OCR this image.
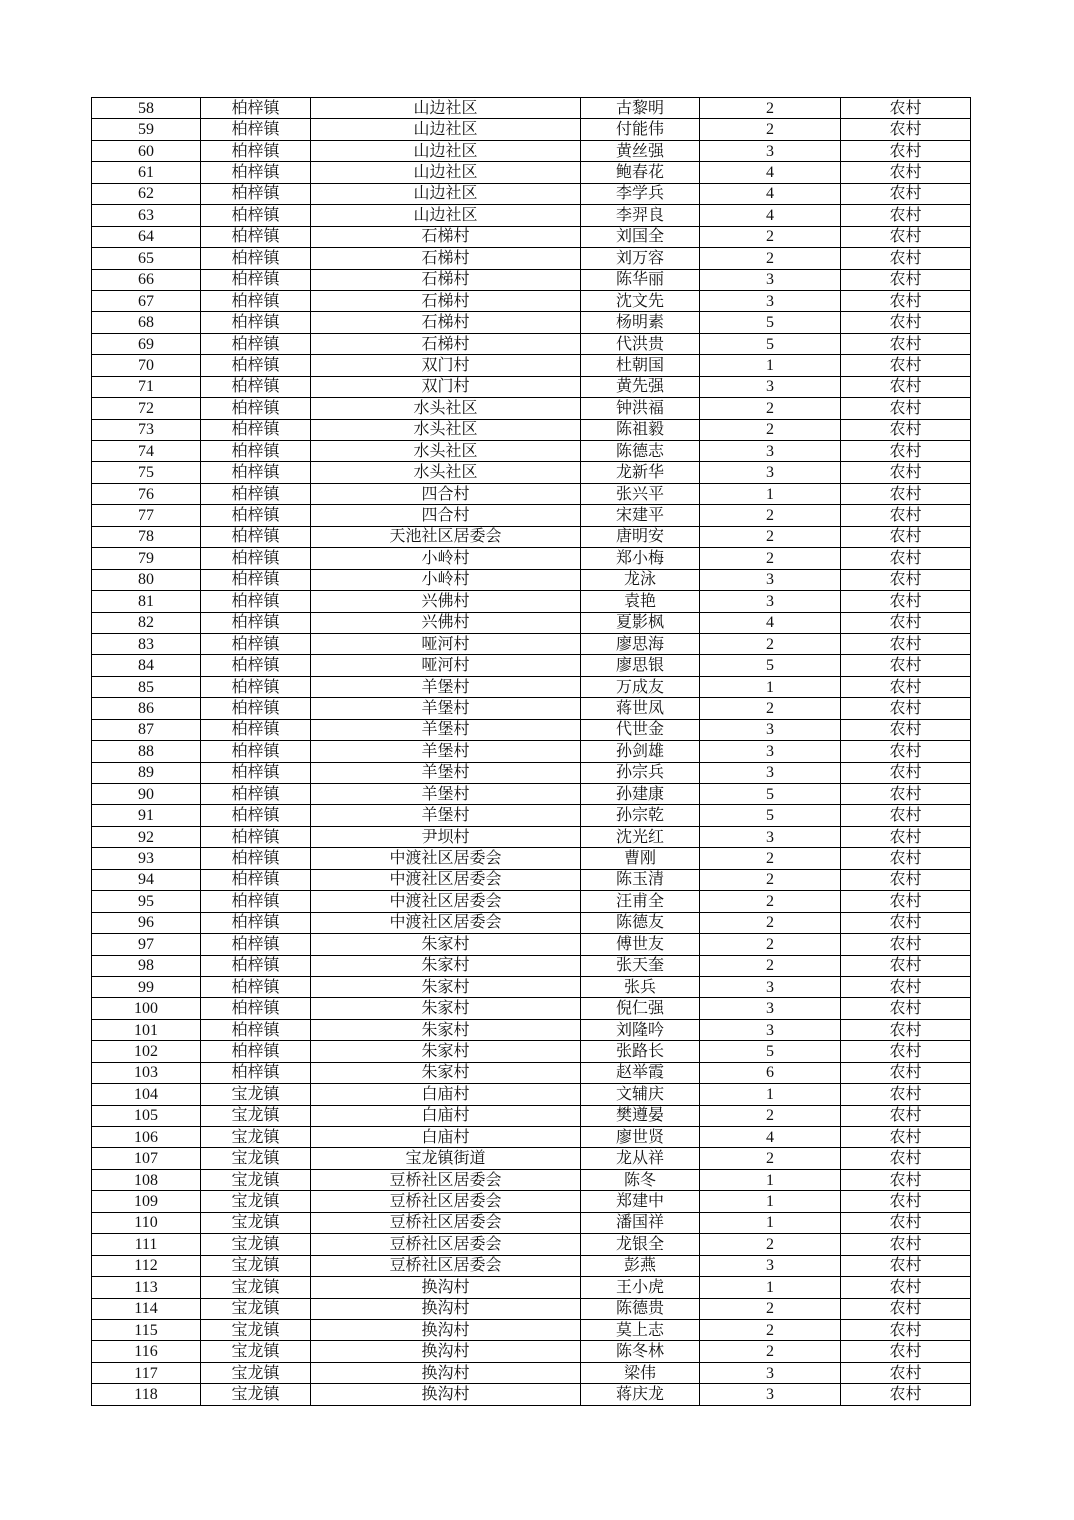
58	柏梓镇	山边社区	古黎明	2	农村
59	柏梓镇	山边社区	付能伟	2	农村
60	柏梓镇	山边社区	黄丝强	3	农村
61	柏梓镇	山边社区	鲍春花	4	农村
62	柏梓镇	山边社区	李学兵	4	农村
63	柏梓镇	山边社区	李羿良	4	农村
64	柏梓镇	石梯村	刘国全	2	农村
65	柏梓镇	石梯村	刘万容	2	农村
66	柏梓镇	石梯村	陈华丽	3	农村
67	柏梓镇	石梯村	沈文先	3	农村
68	柏梓镇	石梯村	杨明素	5	农村
69	柏梓镇	石梯村	代洪贵	5	农村
70	柏梓镇	双门村	杜朝国	1	农村
71	柏梓镇	双门村	黄先强	3	农村
72	柏梓镇	水头社区	钟洪福	2	农村
73	柏梓镇	水头社区	陈祖毅	2	农村
74	柏梓镇	水头社区	陈德志	3	农村
75	柏梓镇	水头社区	龙新华	3	农村
76	柏梓镇	四合村	张兴平	1	农村
77	柏梓镇	四合村	宋建平	2	农村
78	柏梓镇	天池社区居委会	唐明安	2	农村
79	柏梓镇	小岭村	郑小梅	2	农村
80	柏梓镇	小岭村	龙泳	3	农村
81	柏梓镇	兴佛村	袁艳	3	农村
82	柏梓镇	兴佛村	夏影枫	4	农村
83	柏梓镇	哑河村	廖思海	2	农村
84	柏梓镇	哑河村	廖思银	5	农村
85	柏梓镇	羊堡村	万成友	1	农村
86	柏梓镇	羊堡村	蒋世凤	2	农村
87	柏梓镇	羊堡村	代世金	3	农村
88	柏梓镇	羊堡村	孙剑雄	3	农村
89	柏梓镇	羊堡村	孙宗兵	3	农村
90	柏梓镇	羊堡村	孙建康	5	农村
91	柏梓镇	羊堡村	孙宗乾	5	农村
92	柏梓镇	尹坝村	沈光红	3	农村
93	柏梓镇	中渡社区居委会	曹刚	2	农村
94	柏梓镇	中渡社区居委会	陈玉清	2	农村
95	柏梓镇	中渡社区居委会	汪甫全	2	农村
96	柏梓镇	中渡社区居委会	陈德友	2	农村
97	柏梓镇	朱家村	傅世友	2	农村
98	柏梓镇	朱家村	张天奎	2	农村
99	柏梓镇	朱家村	张兵	3	农村
100	柏梓镇	朱家村	倪仁强	3	农村
101	柏梓镇	朱家村	刘隆吟	3	农村
102	柏梓镇	朱家村	张路长	5	农村
103	柏梓镇	朱家村	赵举霞	6	农村
104	宝龙镇	白庙村	文辅庆	1	农村
105	宝龙镇	白庙村	樊遵晏	2	农村
106	宝龙镇	白庙村	廖世贤	4	农村
107	宝龙镇	宝龙镇街道	龙从祥	2	农村
108	宝龙镇	豆桥社区居委会	陈冬	1	农村
109	宝龙镇	豆桥社区居委会	郑建中	1	农村
110	宝龙镇	豆桥社区居委会	潘国祥	1	农村
111	宝龙镇	豆桥社区居委会	龙银全	2	农村
112	宝龙镇	豆桥社区居委会	彭燕	3	农村
113	宝龙镇	换沟村	王小虎	1	农村
114	宝龙镇	换沟村	陈德贵	2	农村
115	宝龙镇	换沟村	莫上志	2	农村
116	宝龙镇	换沟村	陈冬林	2	农村
117	宝龙镇	换沟村	梁伟	3	农村
118	宝龙镇	换沟村	蒋庆龙	3	农村
